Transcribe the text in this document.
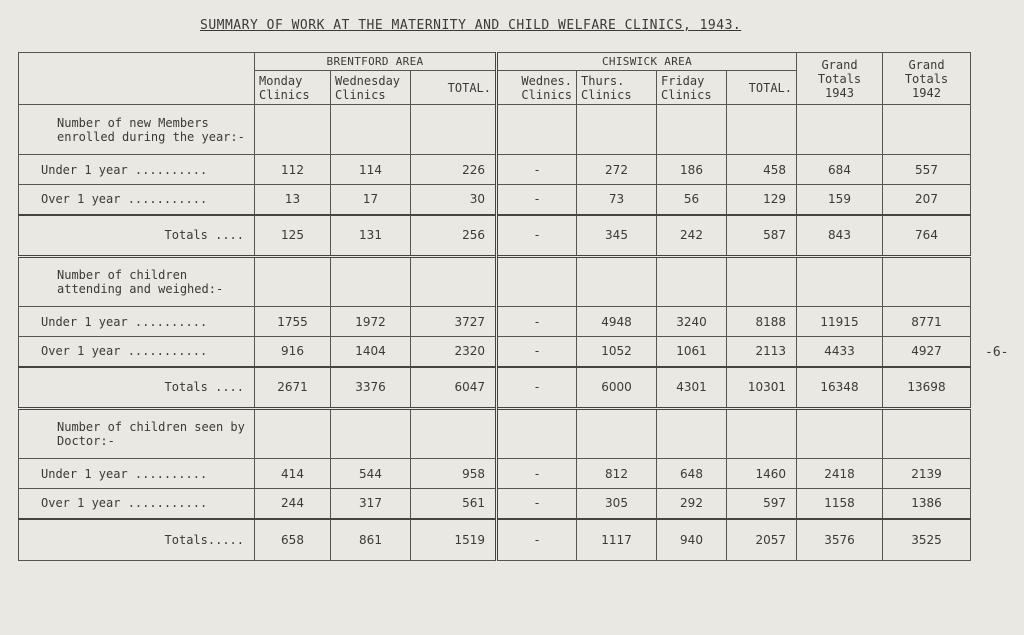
SUMMARY OF WORK AT THE MATERNITY AND CHILD WELFARE CLINICS, 1943.
-6-
	BRENTFORD AREA			CHISWICK AREA				Grand Totals 1943	Grand Totals 1942
	Monday Clinics	Wednesday Clinics	TOTAL.	Wednes. Clinics	Thurs. Clinics	Friday Clinics	TOTAL.		
Number of new Members enrolled during the year:-									
Under 1 year ..........	112	114	226	-	272	186	458	684	557
Over 1 year ...........	13	17	30	-	73	56	129	159	207
Totals ....	125	131	256	-	345	242	587	843	764
Number of children attending and weighed:-									
Under 1 year ..........	1755	1972	3727	-	4948	3240	8188	11915	8771
Over 1 year ...........	916	1404	2320	-	1052	1061	2113	4433	4927
Totals ....	2671	3376	6047	-	6000	4301	10301	16348	13698
Number of children seen by Doctor:-									
Under 1 year ..........	414	544	958	-	812	648	1460	2418	2139
Over 1 year ...........	244	317	561	-	305	292	597	1158	1386
Totals.....	658	861	1519	-	1117	940	2057	3576	3525
